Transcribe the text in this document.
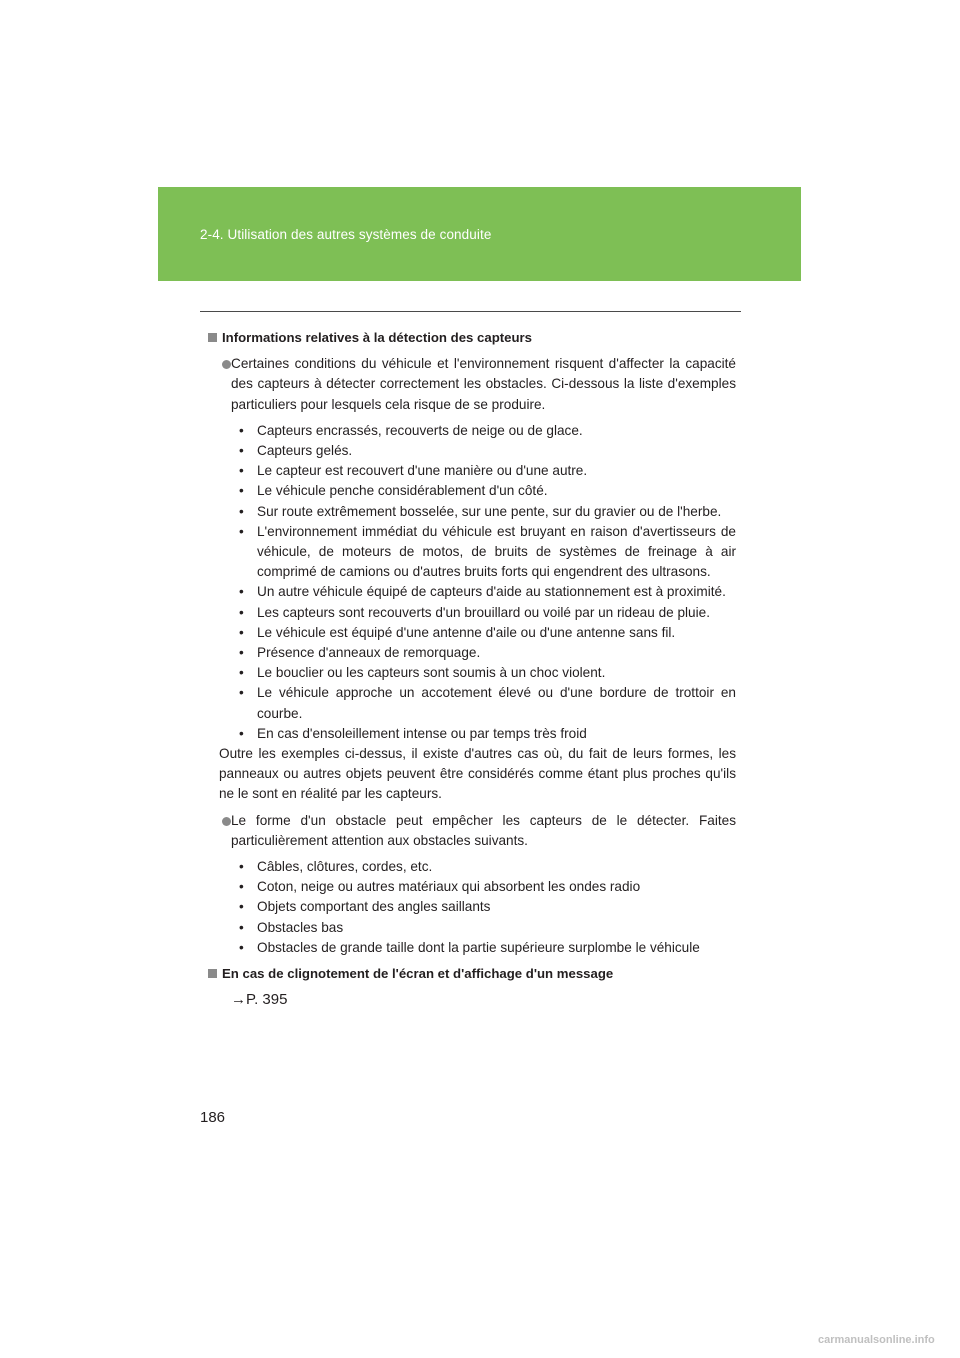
2-4. Utilisation des autres systèmes de conduite
Informations relatives à la détection des capteurs
Certaines conditions du véhicule et l'environnement risquent d'affecter la capacité des capteurs à détecter correctement les obstacles. Ci-dessous la liste d'exemples particuliers pour lesquels cela risque de se produire.
• Capteurs encrassés, recouverts de neige ou de glace.
• Capteurs gelés.
• Le capteur est recouvert d'une manière ou d'une autre.
• Le véhicule penche considérablement d'un côté.
• Sur route extrêmement bosselée, sur une pente, sur du gravier ou de l'herbe.
• L'environnement immédiat du véhicule est bruyant en raison d'avertisseurs de véhicule, de moteurs de motos, de bruits de systèmes de freinage à air comprimé de camions ou d'autres bruits forts qui engendrent des ultrasons.
• Un autre véhicule équipé de capteurs d'aide au stationnement est à proximité.
• Les capteurs sont recouverts d'un brouillard ou voilé par un rideau de pluie.
• Le véhicule est équipé d'une antenne d'aile ou d'une antenne sans fil.
• Présence d'anneaux de remorquage.
• Le bouclier ou les capteurs sont soumis à un choc violent.
• Le véhicule approche un accotement élevé ou d'une bordure de trottoir en courbe.
• En cas d'ensoleillement intense ou par temps très froid
Outre les exemples ci-dessus, il existe d'autres cas où, du fait de leurs formes, les panneaux ou autres objets peuvent être considérés comme étant plus proches qu'ils ne le sont en réalité par les capteurs.
Le forme d'un obstacle peut empêcher les capteurs de le détecter. Faites particulièrement attention aux obstacles suivants.
• Câbles, clôtures, cordes, etc.
• Coton, neige ou autres matériaux qui absorbent les ondes radio
• Objets comportant des angles saillants
• Obstacles bas
• Obstacles de grande taille dont la partie supérieure surplombe le véhicule
En cas de clignotement de l'écran et d'affichage d'un message
→P. 395
186
carmanualsonline.info
